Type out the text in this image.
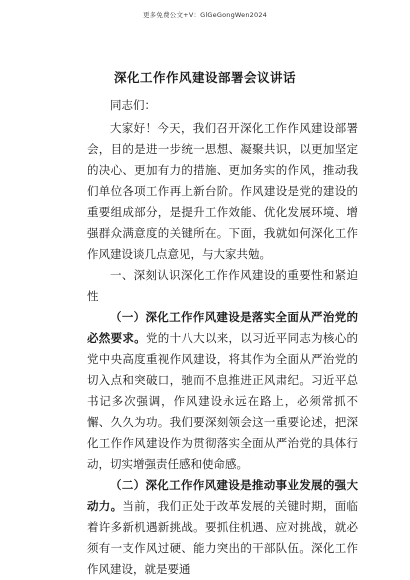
更多免费公文+V：GlGeGongWen2024
深化工作作风建设部署会议讲话

同志们：

大家好！今天，我们召开深化工作作风建设部署会，目的是进一步统一思想、凝聚共识，以更加坚定的决心、更加有力的措施、更加务实的作风，推动我们单位各项工作再上新台阶。作风建设是党的建设的重要组成部分，是提升工作效能、优化发展环境、增强群众满意度的关键所在。下面，我就如何深化工作作风建设谈几点意见，与大家共勉。

一、深刻认识深化工作作风建设的重要性和紧迫性

（一）深化工作作风建设是落实全面从严治党的必然要求。党的十八大以来，以习近平同志为核心的党中央高度重视作风建设，将其作为全面从严治党的切入点和突破口，驰而不息推进正风肃纪。习近平总书记多次强调，作风建设永远在路上，必须常抓不懈、久久为功。我们要深刻领会这一重要论述，把深化工作作风建设作为贯彻落实全面从严治党的具体行动，切实增强责任感和使命感。

（二）深化工作作风建设是推动事业发展的强大动力。当前，我们正处于改革发展的关键时期，面临着许多新机遇新挑战。要抓住机遇、应对挑战，就必须有一支作风过硬、能力突出的干部队伍。深化工作作风建设，就是要通
